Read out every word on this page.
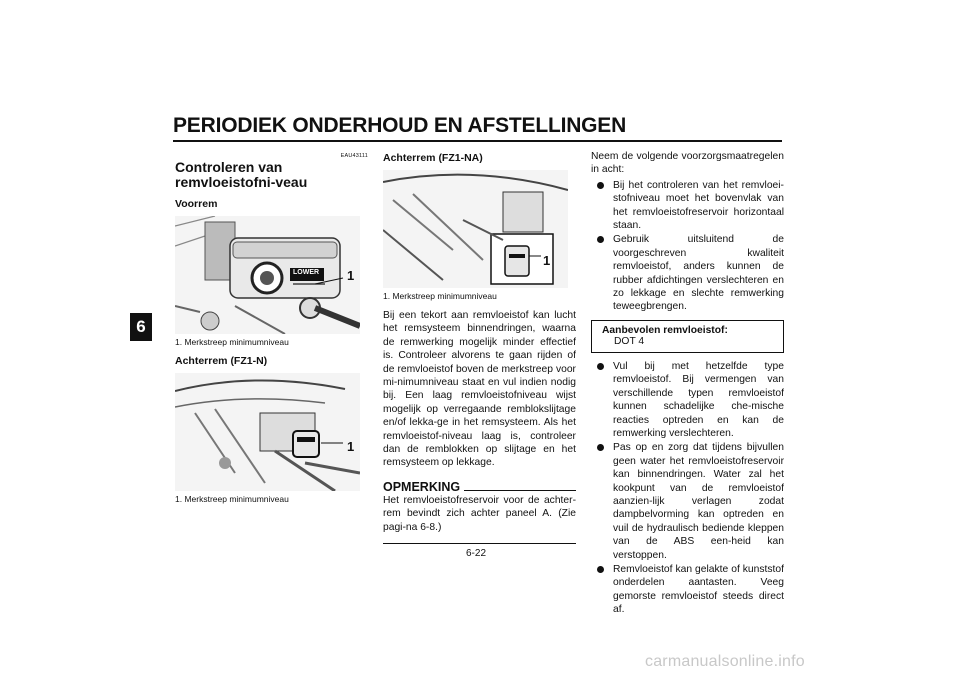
PERIODIEK ONDERHOUD EN AFSTELLINGEN
6
EAU43111
Controleren van remvloeistofni-veau
Voorrem
LOWER 1
1. Merkstreep minimumniveau
Achterrem (FZ1-N)
1
1. Merkstreep minimumniveau
Achterrem (FZ1-NA)
1
1. Merkstreep minimumniveau

Bij een tekort aan remvloeistof kan lucht het remsysteem binnendringen, waarna de remwerking mogelijk minder effectief is. Controleer alvorens te gaan rijden of de remvloeistof boven de merkstreep voor mi-nimumniveau staat en vul indien nodig bij. Een laag remvloeistofniveau wijst mogelijk op verregaande remblokslijtage en/of lekka-ge in het remsysteem. Als het remvloeistof-niveau laag is, controleer dan de remblokken op slijtage en het remsysteem op lekkage.

OPMERKING

Het remvloeistofreservoir voor de achter-rem bevindt zich achter paneel A. (Zie pagi-na 6-8.)

Neem de volgende voorzorgsmaatregelen in acht:

Bij het controleren van het remvloei-stofniveau moet het bovenvlak van het remvloeistofreservoir horizontaal staan.
Gebruik uitsluitend de voorgeschreven kwaliteit remvloeistof, anders kunnen de rubber afdichtingen verslechteren en zo lekkage en slechte remwerking teweegbrengen.
Aanbevolen remvloeistof:
DOT 4
Vul bij met hetzelfde type remvloeistof. Bij vermengen van verschillende typen remvloeistof kunnen schadelijke che-mische reacties optreden en kan de remwerking verslechteren.
Pas op en zorg dat tijdens bijvullen geen water het remvloeistofreservoir kan binnendringen. Water zal het kookpunt van de remvloeistof aanzien-lijk verlagen zodat dampbelvorming kan optreden en vuil de hydraulisch bediende kleppen van de ABS een-heid kan verstoppen.
Remvloeistof kan gelakte of kunststof onderdelen aantasten. Veeg gemorste remvloeistof steeds direct af.
6-22
carmanualsonline.info
